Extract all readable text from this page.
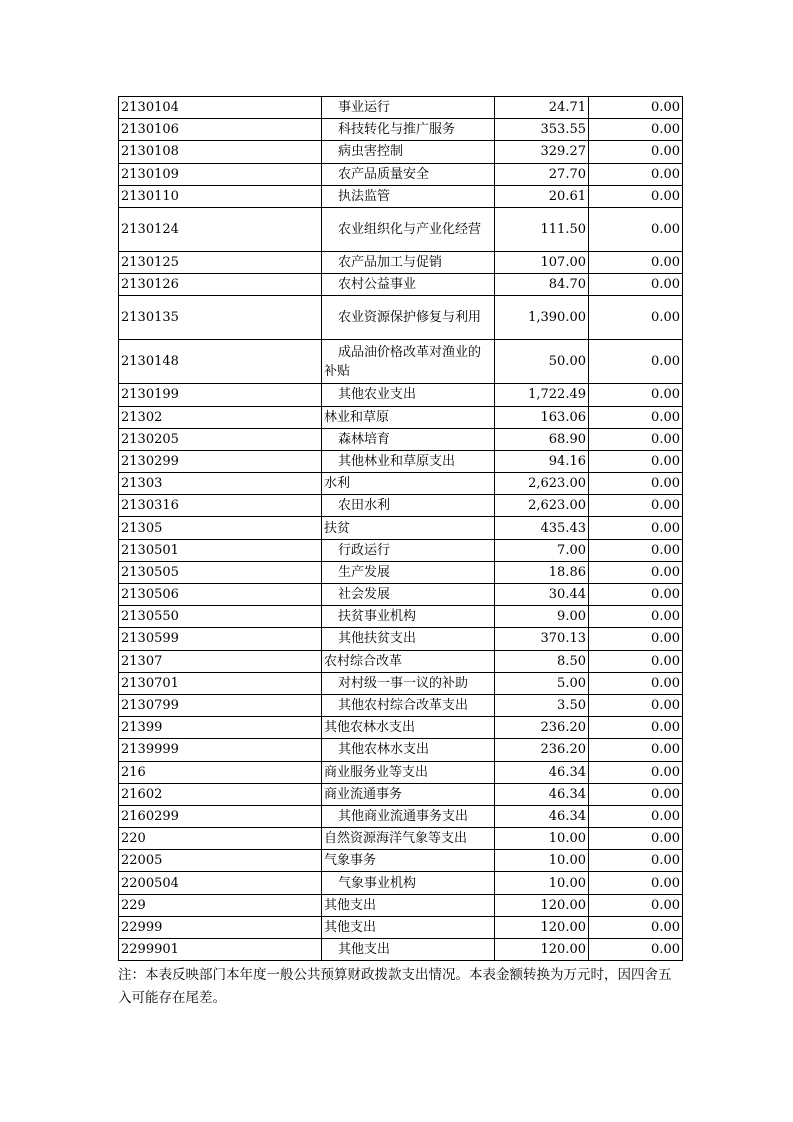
2130104	事业运行	24.71	0.00
2130106	科技转化与推广服务	353.55	0.00
2130108	病虫害控制	329.27	0.00
2130109	农产品质量安全	27.70	0.00
2130110	执法监管	20.61	0.00
2130124	农业组织化与产业化经营	111.50	0.00
2130125	农产品加工与促销	107.00	0.00
2130126	农村公益事业	84.70	0.00
2130135	农业资源保护修复与利用	1,390.00	0.00
2130148	成品油价格改革对渔业的补贴	50.00	0.00
2130199	其他农业支出	1,722.49	0.00
21302	林业和草原	163.06	0.00
2130205	森林培育	68.90	0.00
2130299	其他林业和草原支出	94.16	0.00
21303	水利	2,623.00	0.00
2130316	农田水利	2,623.00	0.00
21305	扶贫	435.43	0.00
2130501	行政运行	7.00	0.00
2130505	生产发展	18.86	0.00
2130506	社会发展	30.44	0.00
2130550	扶贫事业机构	9.00	0.00
2130599	其他扶贫支出	370.13	0.00
21307	农村综合改革	8.50	0.00
2130701	对村级一事一议的补助	5.00	0.00
2130799	其他农村综合改革支出	3.50	0.00
21399	其他农林水支出	236.20	0.00
2139999	其他农林水支出	236.20	0.00
216	商业服务业等支出	46.34	0.00
21602	商业流通事务	46.34	0.00
2160299	其他商业流通事务支出	46.34	0.00
220	自然资源海洋气象等支出	10.00	0.00
22005	气象事务	10.00	0.00
2200504	气象事业机构	10.00	0.00
229	其他支出	120.00	0.00
22999	其他支出	120.00	0.00
2299901	其他支出	120.00	0.00

注：本表反映部门本年度一般公共预算财政拨款支出情况。本表金额转换为万元时，因四舍五入可能存在尾差。
